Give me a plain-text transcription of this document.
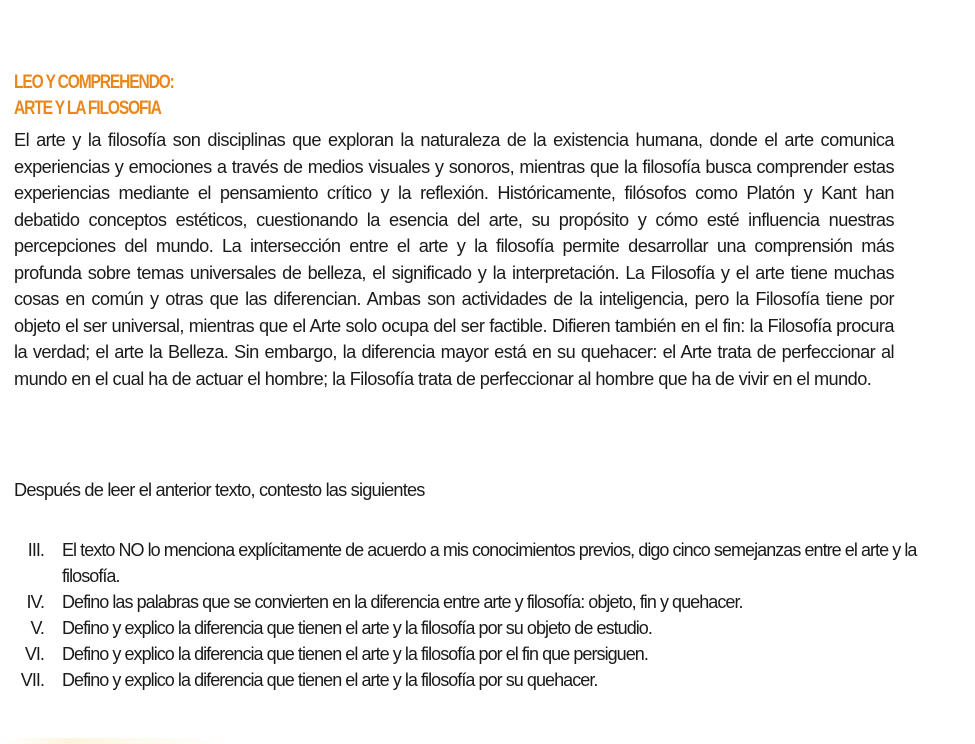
LEO Y COMPREHENDO:
ARTE Y LA FILOSOFIA

El arte y la filosofía son disciplinas que exploran la naturaleza de la existencia humana, donde el arte comunica experiencias y emociones a través de medios visuales y sonoros, mientras que la filosofía busca comprender estas experiencias mediante el pensamiento crítico y la reflexión. Históricamente, filósofos como Platón y Kant han debatido conceptos estéticos, cuestionando la esencia del arte, su propósito y cómo esté influencia nuestras percepciones del mundo. La intersección entre el arte y la filosofía permite desarrollar una comprensión más profunda sobre temas universales de belleza, el significado y la interpretación. La Filosofía y el arte tiene muchas cosas en común y otras que las diferencian. Ambas son actividades de la inteligencia, pero la Filosofía tiene por objeto el ser universal, mientras que el Arte solo ocupa del ser factible. Difieren también en el fin: la Filosofía procura la verdad; el arte la Belleza. Sin embargo, la diferencia mayor está en su quehacer: el Arte trata de perfeccionar al mundo en el cual ha de actuar el hombre; la Filosofía trata de perfeccionar al hombre que ha de vivir en el mundo.

Después de leer el anterior texto, contesto las siguientes

III. El texto NO lo menciona explícitamente de acuerdo a mis conocimientos previos, digo cinco semejanzas entre el arte y la filosofía.
IV. Defino las palabras que se convierten en la diferencia entre arte y filosofía: objeto, fin y quehacer.
V. Defino y explico la diferencia que tienen el arte y la filosofía por su objeto de estudio.
VI. Defino y explico la diferencia que tienen el arte y la filosofía por el fin que persiguen.
VII. Defino y explico la diferencia que tienen el arte y la filosofía por su quehacer.
